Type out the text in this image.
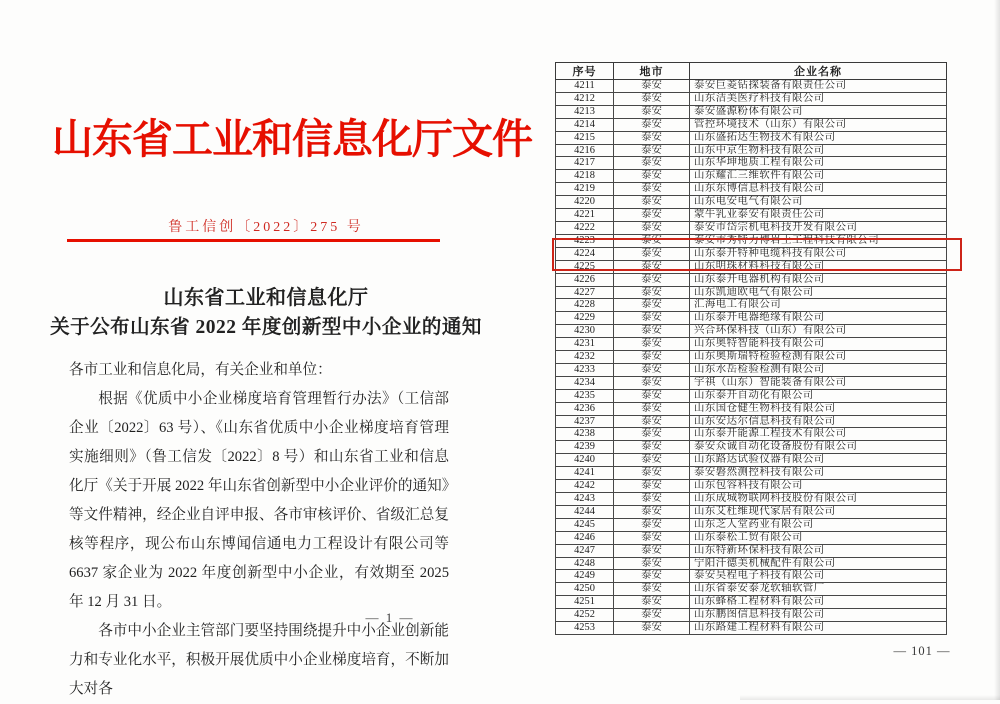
山东省工业和信息化厅文件
鲁工信创〔2022〕275 号
山东省工业和信息化厅
关于公布山东省 2022 年度创新型中小企业的通知

各市工业和信息化局，有关企业和单位：

根据《优质中小企业梯度培育管理暂行办法》（工信部企业〔2022〕63 号）、《山东省优质中小企业梯度培育管理实施细则》（鲁工信发〔2022〕8 号）和山东省工业和信息化厅《关于开展 2022 年山东省创新型中小企业评价的通知》等文件精神，经企业自评申报、各市审核评价、省级汇总复核等程序，现公布山东博闻信通电力工程设计有限公司等 6637 家企业为 2022 年度创新型中小企业，有效期至 2025 年 12 月 31 日。

各市中小企业主管部门要坚持围绕提升中小企业创新能力和专业化水平，积极开展优质中小企业梯度培育，不断加大对各

— 1 —
序号	地市	企业名称
4211	泰安	泰安巨菱钻探装备有限责任公司
4212	泰安	山东洁美医疗科技有限公司
4213	泰安	泰安盛源粉体有限公司
4214	泰安	管控环境技术（山东）有限公司
4215	泰安	山东盛拓达生物技术有限公司
4216	泰安	山东中京生物科技有限公司
4217	泰安	山东华坤地质工程有限公司
4218	泰安	山东耀汇三维软件有限公司
4219	泰安	山东东博信息科技有限公司
4220	泰安	山东电安电气有限公司
4221	泰安	蒙牛乳业泰安有限责任公司
4222	泰安	泰安市岱宗机电科技开发有限公司
4223	泰安	泰安市秀特力博岩土工程科技有限公司
4224	泰安	山东泰开特种电缆科技有限公司
4225	泰安	山东明珠材料科技有限公司
4226	泰安	山东泰开电器机构有限公司
4227	泰安	山东凯迪欧电气有限公司
4228	泰安	汇海电工有限公司
4229	泰安	山东泰开电器绝缘有限公司
4230	泰安	兴合环保科技（山东）有限公司
4231	泰安	山东奥特智能科技有限公司
4232	泰安	山东奥斯瑞特检验检测有限公司
4233	泰安	山东水岳检验检测有限公司
4234	泰安	宇祺（山东）智能装备有限公司
4235	泰安	山东泰开自动化有限公司
4236	泰安	山东国仓健生物科技有限公司
4237	泰安	山东安达尔信息科技有限公司
4238	泰安	山东泰开能源工程技术有限公司
4239	泰安	泰安众诚自动化设备股份有限公司
4240	泰安	山东路达试验仪器有限公司
4241	泰安	泰安磐然测控科技有限公司
4242	泰安	山东包容科技有限公司
4243	泰安	山东成城物联网科技股份有限公司
4244	泰安	山东艾杜维现代家居有限公司
4245	泰安	山东芝人堂药业有限公司
4246	泰安	山东泰松工贸有限公司
4247	泰安	山东特新环保科技有限公司
4248	泰安	宁阳汗德美机械配件有限公司
4249	泰安	泰安昊程电子科技有限公司
4250	泰安	山东省泰安泰龙软轴软管厂
4251	泰安	山东蜂格工程材料有限公司
4252	泰安	山东鹏图信息科技有限公司
4253	泰安	山东路建工程材料有限公司
— 101 —
